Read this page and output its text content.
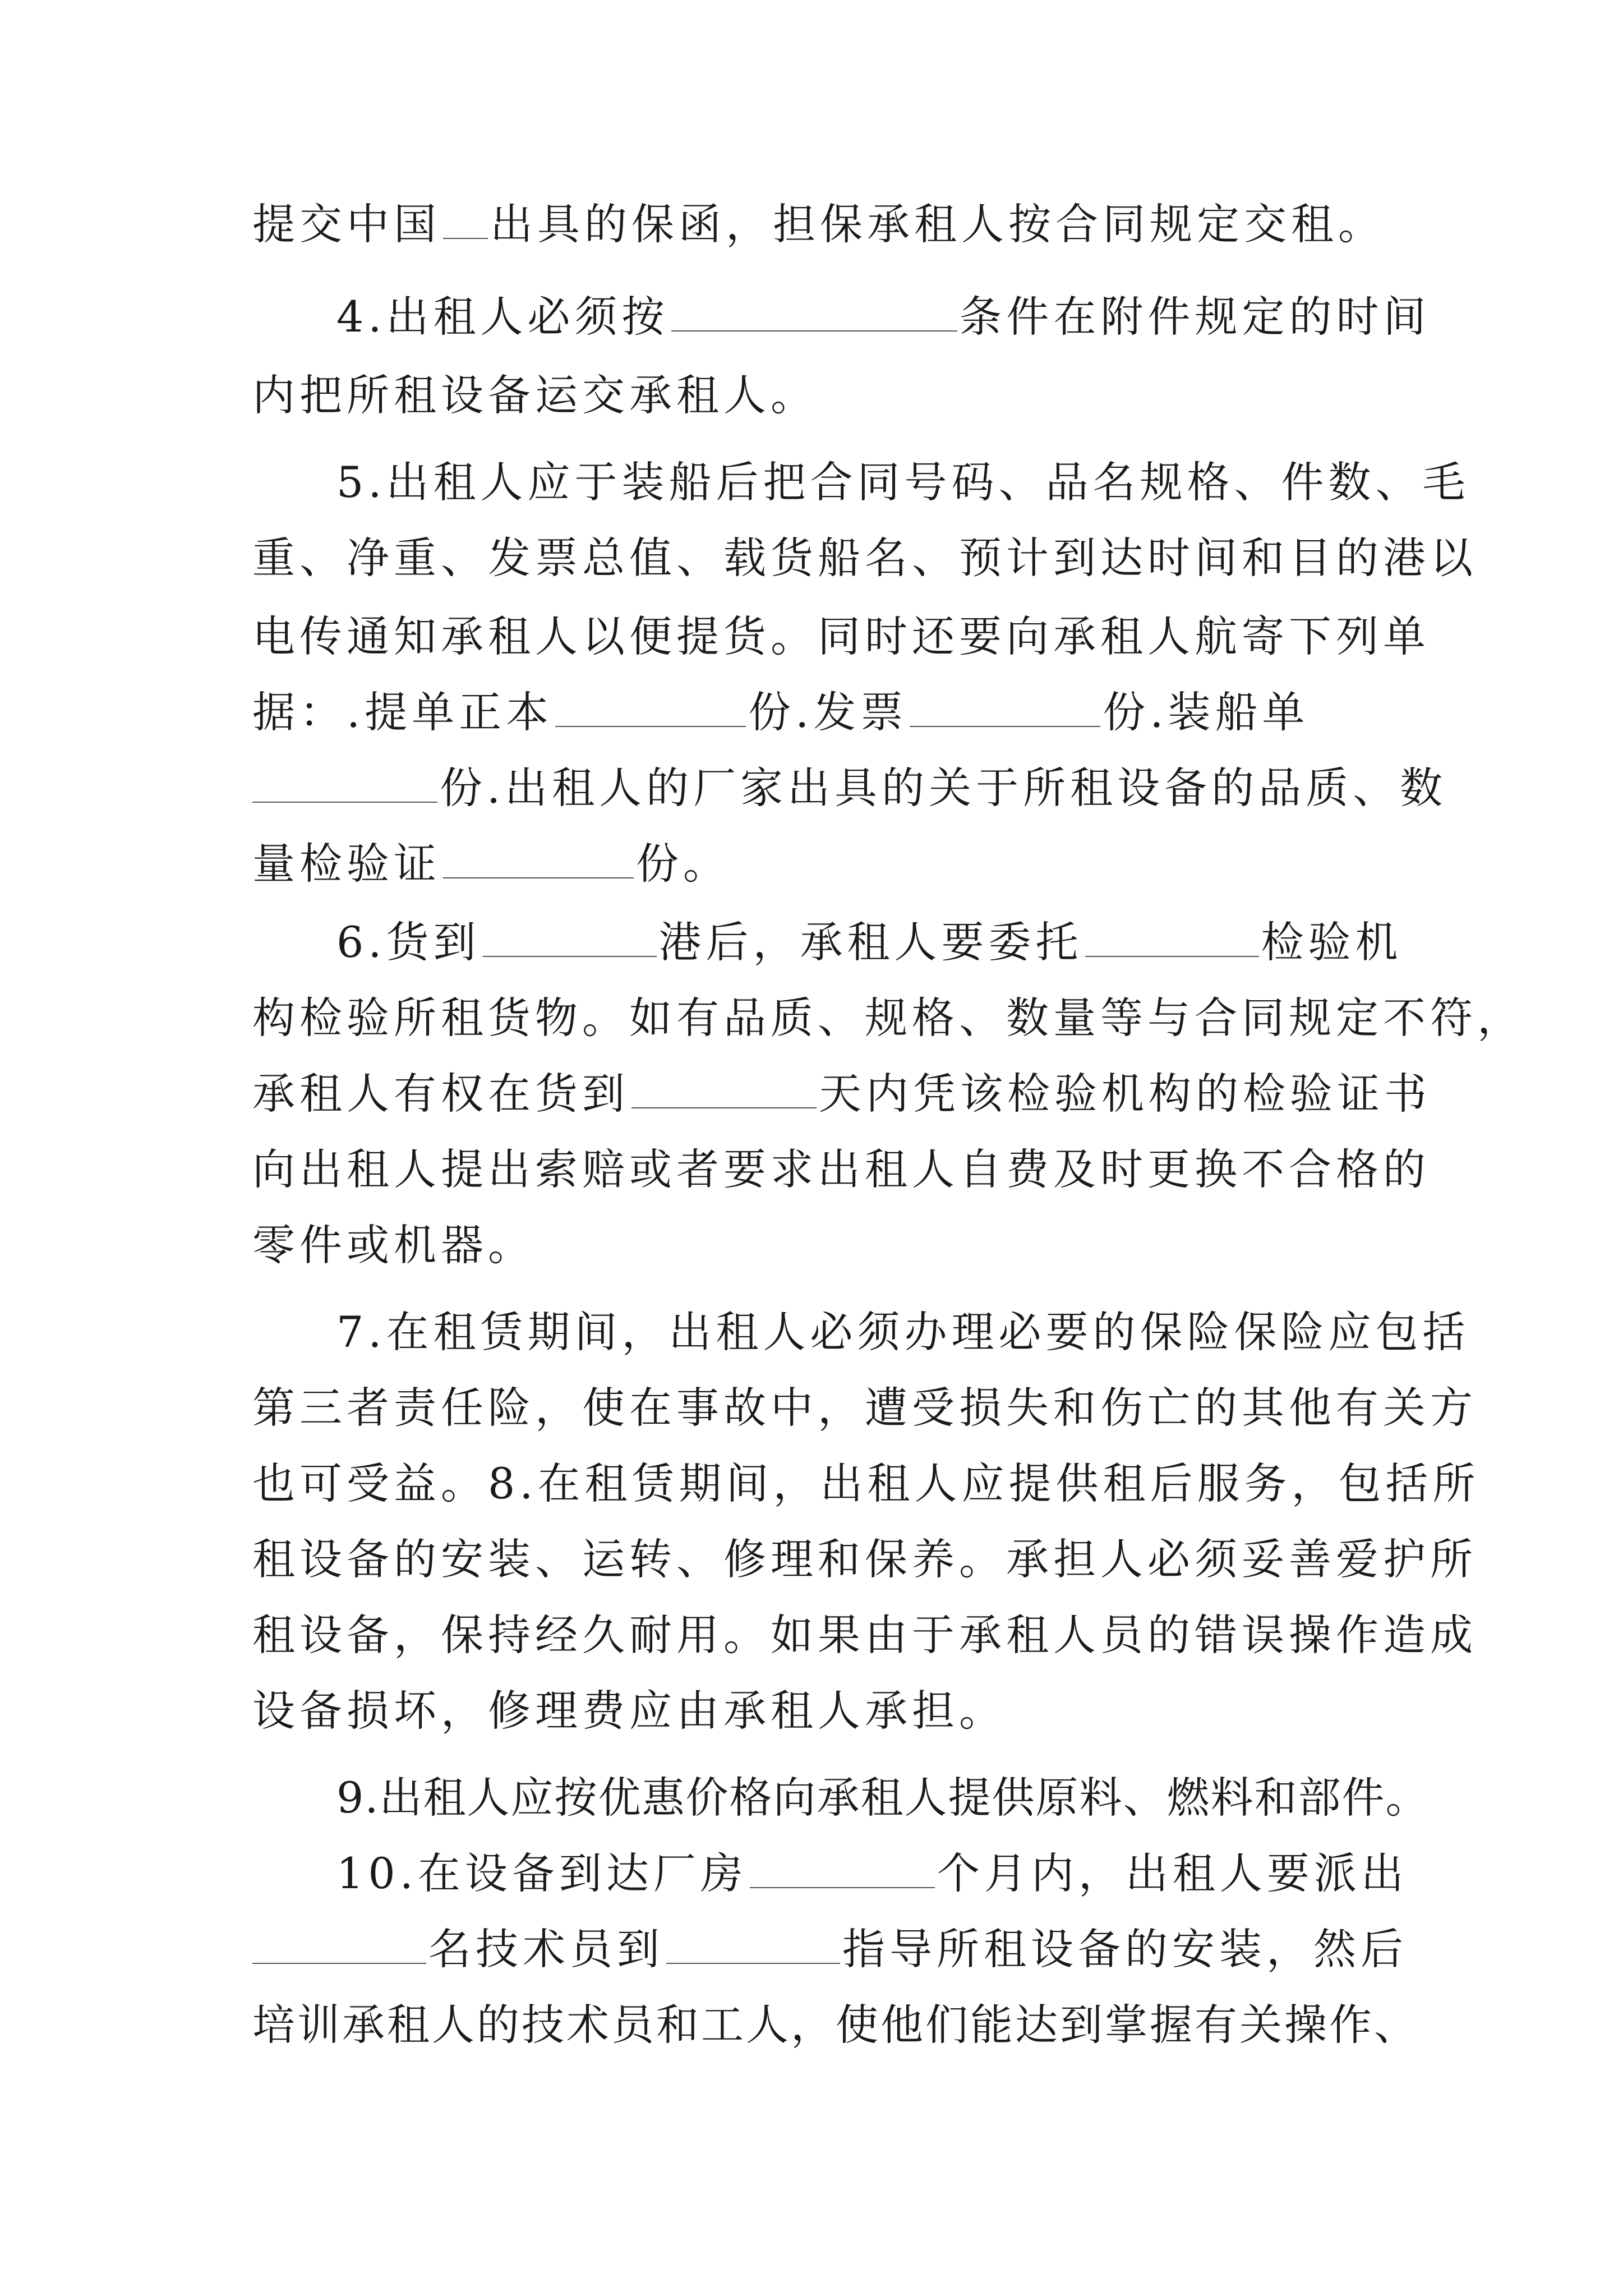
提交中国 出具的保函，担保承租人按合同规定交租。
4.出租人必须按	条件在附件规定的时间
内把所租设备运交承租人。
5.出租人应于装船后把合同号码、品名规格、件数、毛
重、净重、发票总值、载货船名、预计到达时间和目的港以
电传通知承租人以便提货。同时还要向承租人航寄下列单
据：.提单正本	份.发票	份.装船单
份.出租人的厂家出具的关于所租设备的品质、数
量检验证	份。
6.货到	港后，承租人要委托	检验机
构检验所租货物。如有品质、规格、数量等与合同规定不符，
承租人有权在货到	天内凭该检验机构的检验证书
向出租人提出索赔或者要求出租人自费及时更换不合格的
零件或机器。
7.在租赁期间，出租人必须办理必要的保险保险应包括
第三者责任险，使在事故中，遭受损失和伤亡的其他有关方
也可受益。8.在租赁期间，出租人应提供租后服务，包括所
租设备的安装、运转、修理和保养。承担人必须妥善爱护所
租设备，保持经久耐用。如果由于承租人员的错误操作造成
设备损坏，修理费应由承租人承担。
9.出租人应按优惠价格向承租人提供原料、燃料和部件。
10.在设备到达厂房	个月内，出租人要派出
名技术员到	指导所租设备的安装，然后
培训承租人的技术员和工人，使他们能达到掌握有关操作、
